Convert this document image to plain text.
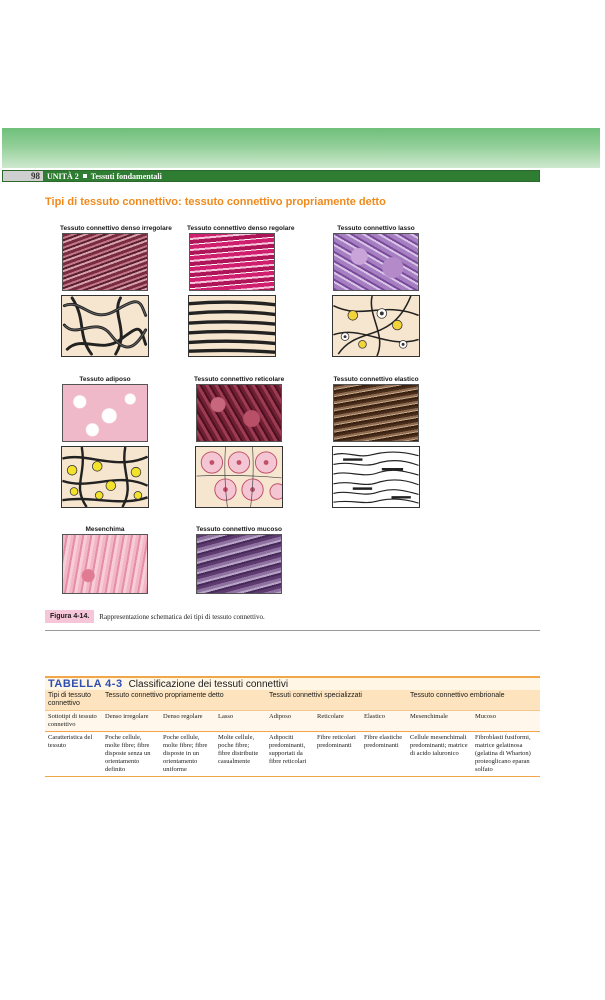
98 UNITÀ 2 Tessuti fondamentali
Tipi di tessuto connettivo: tessuto connettivo propriamente detto
Tessuto connettivo denso irregolare Tessuto connettivo denso regolare	Tessuto connettivo lasso
Tessuto adiposo	Tessuto connettivo reticolare	Tessuto connettivo elastico
Mesenchima	Tessuto connettivo mucoso
Figura 4-14.	Rappresentazione schematica dei tipi di tessuto connettivo.
TABELLA 4-3 Classificazione dei tessuti connettivi
Tipi di tessuto connettivo	Tessuto connettivo propriamente detto			Tessuti connettivi specializzati			Tessuto connettivo embrionale	
Sottotipi di tessuto connettivo	Denso irregolare	Denso regolare	Lasso	Adiposo	Reticolare	Elastico	Mesenchimale	Mucoso
Caratteristica del tessuto	Poche cellule, molte fibre; fibre disposte senza un orientamento definito	Poche cellule, molte fibre; fibre disposte in un orientamento uniforme	Molte cellule, poche fibre; fibre distribuite casualmente	Adipociti predominanti, supportati da fibre reticolari	Fibre reticolari predominanti	Fibre elastiche predominanti	Cellule mesenchimali predominanti; matrice di acido ialuronico	Fibroblasti fusiformi, matrice gelatinosa (gelatina di Wharton) proteoglicano eparan solfato
